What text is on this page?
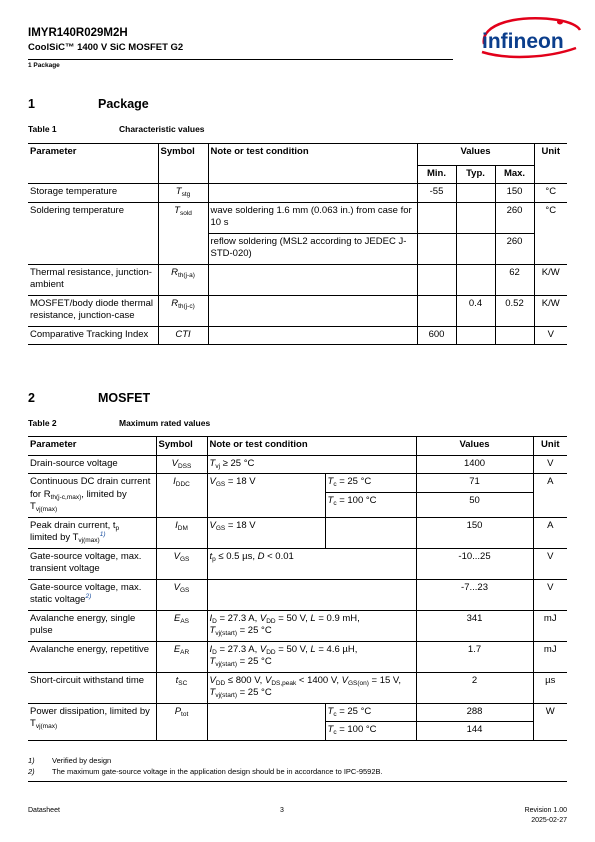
IMYR140R029M2H
CoolSiC™ 1400 V SiC MOSFET G2
1 Package
infineon
1	Package
Table 1	Characteristic values
Parameter	Symbol	Note or test condition	Values			Unit
			Min.	Typ.	Max.	
Storage temperature	$T_{stg}$		-55		150	°C
Soldering temperature	$T_{sold}$	wave soldering 1.6 mm (0.063 in.) from case for 10 s			260	°C
		reflow soldering (MSL2 according to JEDEC J-STD-020)			260	
Thermal resistance, junction-ambient	$R_{th(j-a)}$				62	K/W
MOSFET/body diode thermal resistance, junction-case	$R_{th(j-c)}$			0.4	0.52	K/W
Comparative Tracking Index	CTI		600			V
2	MOSFET
Table 2	Maximum rated values
Parameter	Symbol	Note or test condition		Values	Unit
Drain-source voltage	$V_{DSS}$	$T_{vj} \ge 25$ °C		1400	V
Continuous DC drain current for $R_{th(j-c,max)}$, limited by $T_{vj(max)}$	$I_{DDC}$	$V_{GS} = 18$ V	$T_c = 25$ °C	71	A
			$T_c = 100$ °C	50	
Peak drain current, $t_p$
limited by $T_{vj(max)}^{1)}$	$I_{DM}$	$V_{GS} = 18$ V		150	A
Gate-source voltage, max. transient voltage	$V_{GS}$	$t_p \le 0.5$ µs, D < 0.01		-10...25	V
Gate-source voltage, max. static voltage$^{2)}$	$V_{GS}$			-7...23	V
Avalanche energy, single pulse	$E_{AS}$	$I_D = 27.3$ A, $V_{DD} = 50$ V, L = 0.9 mH,
$T_{vj(start)} = 25$ °C		341	mJ
Avalanche energy, repetitive	$E_{AR}$	$I_D = 27.3$ A, $V_{DD} = 50$ V, L = 4.6 µH,
$T_{vj(start)} = 25$ °C		1.7	mJ
Short-circuit withstand time	$t_{SC}$	$V_{DD} \le 800$ V, $V_{DS,peak} < 1400$ V, $V_{GS(on)} = 15$ V,
$T_{vj(start)} = 25$ °C		2	µs
Power dissipation, limited by $T_{vj(max)}$	$P_{tot}$		$T_c = 25$ °C	288	W
			$T_c = 100$ °C	144	
1) Verified by design
2) The maximum gate-source voltage in the application design should be in accordance to IPC-9592B.
Datasheet	3	Revision 1.00
2025-02-27
